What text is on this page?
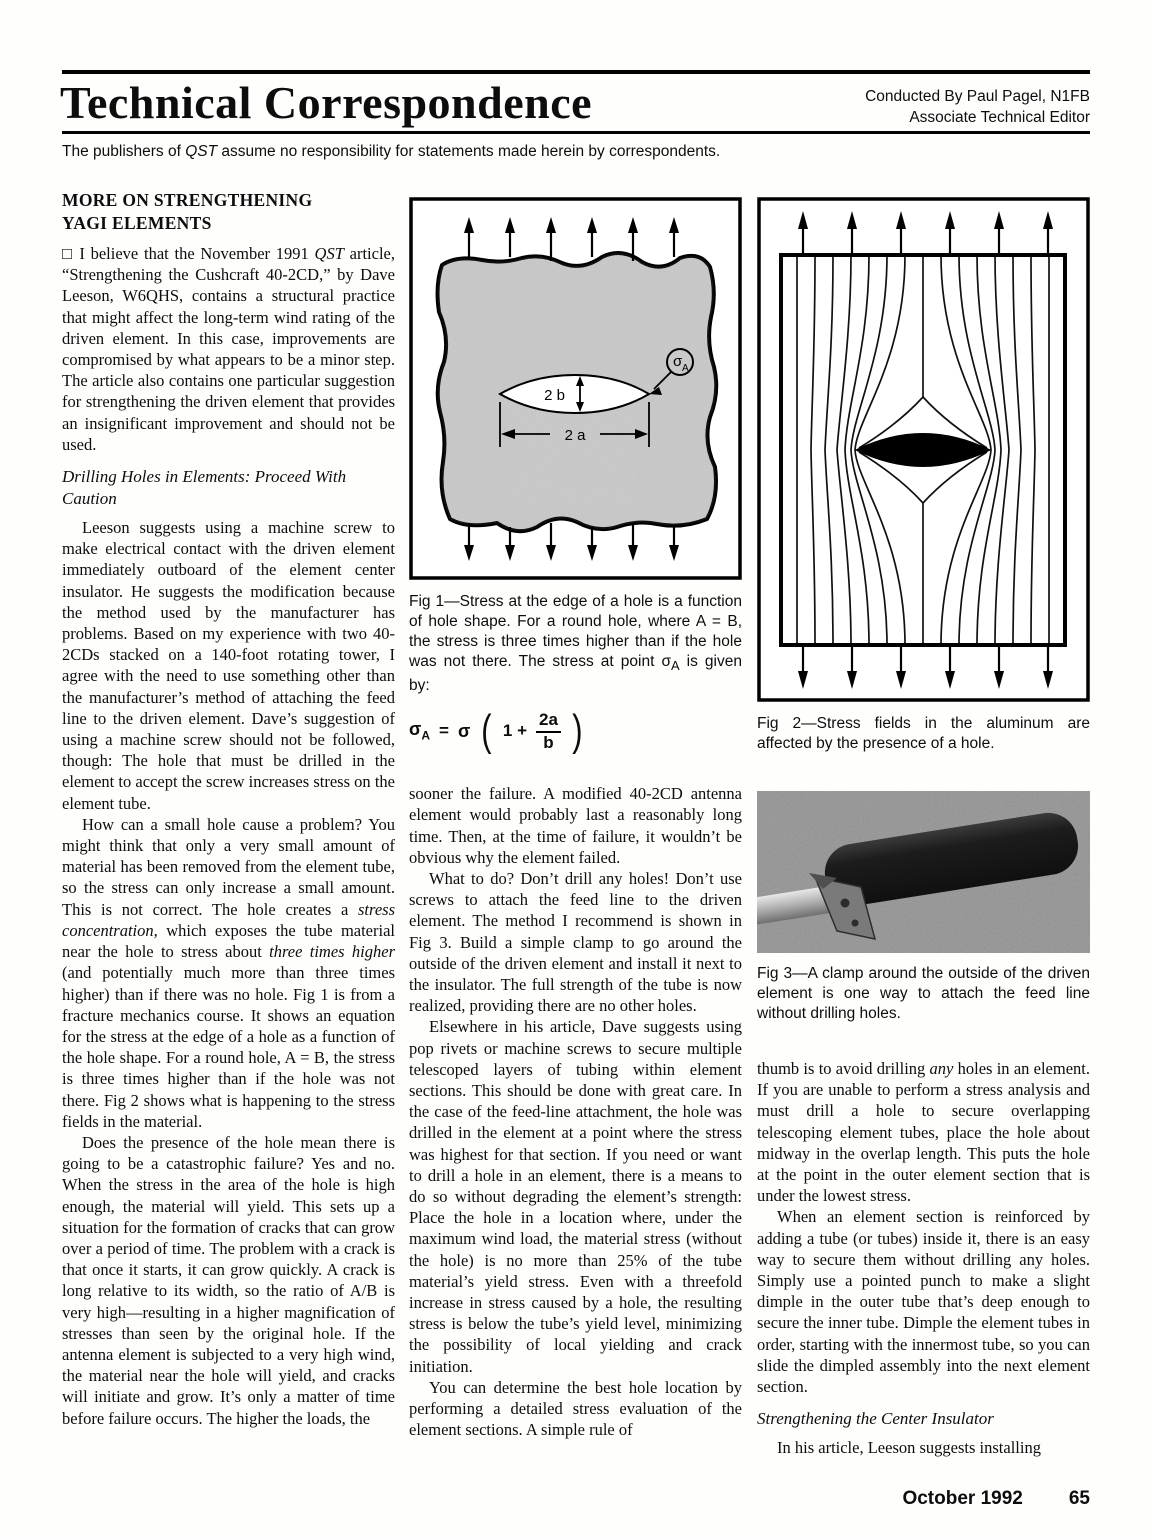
Technical Correspondence	Conducted By Paul Pagel, N1FB
Associate Technical Editor

The publishers of QST assume no responsibility for statements made herein by correspondents.

MORE ON STRENGTHENING
YAGI ELEMENTS

□ I believe that the November 1991 QST article, “Strengthening the Cushcraft 40-2CD,” by Dave Leeson, W6QHS, contains a structural practice that might affect the long-term wind rating of the driven element. In this case, improvements are compromised by what appears to be a minor step. The article also contains one particular suggestion for strengthening the driven element that provides an insignificant improvement and should not be used.

Drilling Holes in Elements: Proceed With Caution

Leeson suggests using a machine screw to make electrical contact with the driven element immediately outboard of the element center insulator. He suggests the modification because the method used by the manufacturer has problems. Based on my experience with two 40-2CDs stacked on a 140-foot rotating tower, I agree with the need to use something other than the manufacturer’s method of attaching the feed line to the driven element. Dave’s suggestion of using a machine screw should not be followed, though: The hole that must be drilled in the element to accept the screw increases stress on the element tube.

How can a small hole cause a problem? You might think that only a very small amount of material has been removed from the element tube, so the stress can only increase a small amount. This is not correct. The hole creates a stress concentration, which exposes the tube material near the hole to stress about three times higher (and potentially much more than three times higher) than if there was no hole. Fig 1 is from a fracture mechanics course. It shows an equation for the stress at the edge of a hole as a function of the hole shape. For a round hole, A = B, the stress is three times higher than if the hole was not there. Fig 2 shows what is happening to the stress fields in the material.

Does the presence of the hole mean there is going to be a catastrophic failure? Yes and no. When the stress in the area of the hole is high enough, the material will yield. This sets up a situation for the formation of cracks that can grow over a period of time. The problem with a crack is that once it starts, it can grow quickly. A crack is long relative to its width, so the ratio of A/B is very high—resulting in a higher magnification of stresses than seen by the original hole. If the antenna element is subjected to a very high wind, the material near the hole will yield, and cracks will initiate and grow. It’s only a matter of time before failure occurs. The higher the loads, the

2 b
2 a
σ A
Fig 1—Stress at the edge of a hole is a function of hole shape. For a round hole, where A = B, the stress is three times higher than if the hole was not there. The stress at point $\sigma_A$ is given by:
$\sigma_A = \sigma$ ( $1 + \frac{2a}{b}$ )

sooner the failure. A modified 40-2CD antenna element would probably last a reasonably long time. Then, at the time of failure, it wouldn’t be obvious why the element failed.

What to do? Don’t drill any holes! Don’t use screws to attach the feed line to the driven element. The method I recommend is shown in Fig 3. Build a simple clamp to go around the outside of the driven element and install it next to the insulator. The full strength of the tube is now realized, providing there are no other holes.

Elsewhere in his article, Dave suggests using pop rivets or machine screws to secure multiple telescoped layers of tubing within element sections. This should be done with great care. In the case of the feed-line attachment, the hole was drilled in the element at a point where the stress was highest for that section. If you need or want to drill a hole in an element, there is a means to do so without degrading the element’s strength: Place the hole in a location where, under the maximum wind load, the material stress (without the hole) is no more than 25% of the tube material’s yield stress. Even with a threefold increase in stress caused by a hole, the resulting stress is below the tube’s yield level, minimizing the possibility of local yielding and crack initiation.

You can determine the best hole location by performing a detailed stress evaluation of the element sections. A simple rule of

Fig 2—Stress fields in the aluminum are affected by the presence of a hole.
Fig 3—A clamp around the outside of the driven element is one way to attach the feed line without drilling holes.

thumb is to avoid drilling any holes in an element. If you are unable to perform a stress analysis and must drill a hole to secure overlapping telescoping element tubes, place the hole about midway in the overlap length. This puts the hole at the point in the outer element section that is under the lowest stress.

When an element section is reinforced by adding a tube (or tubes) inside it, there is an easy way to secure them without drilling any holes. Simply use a pointed punch to make a slight dimple in the outer tube that’s deep enough to secure the inner tube. Dimple the element tubes in order, starting with the innermost tube, so you can slide the dimpled assembly into the next element section.

Strengthening the Center Insulator

In his article, Leeson suggests installing

October 1992 65
